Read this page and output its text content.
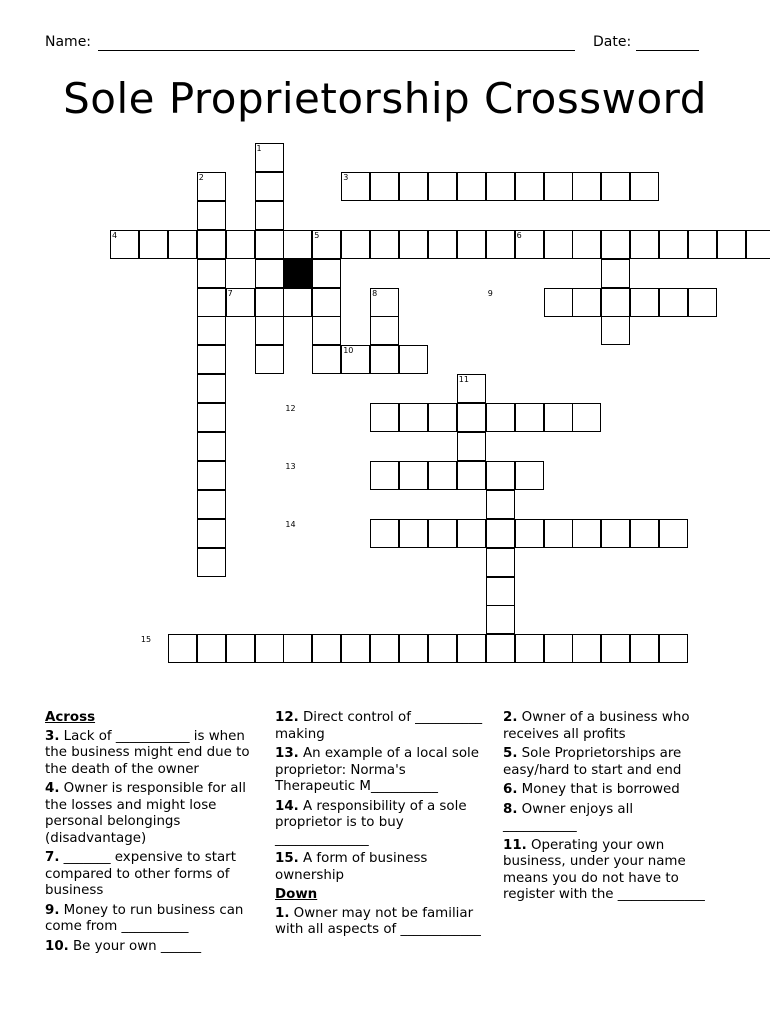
Name:	Date:
Sole Proprietorship Crossword
1
2	3
4	5	6
7	8	9
10
11
12
13
14
15
Across
3. Lack of ___________ is when the business might end due to the death of the owner
4. Owner is responsible for all the losses and might lose personal belongings (disadvantage)
7. _______ expensive to start compared to other forms of business
9. Money to run business can come from __________
10. Be your own ______
12. Direct control of __________ making
13. An example of a local sole proprietor: Norma's Therapeutic M__________
14. A responsibility of a sole proprietor is to buy ______________
15. A form of business ownership
Down
1. Owner may not be familiar with all aspects of ____________
2. Owner of a business who receives all profits
5. Sole Proprietorships are easy/hard to start and end
6. Money that is borrowed
8. Owner enjoys all ___________
11. Operating your own business, under your name means you do not have to register with the _____________
